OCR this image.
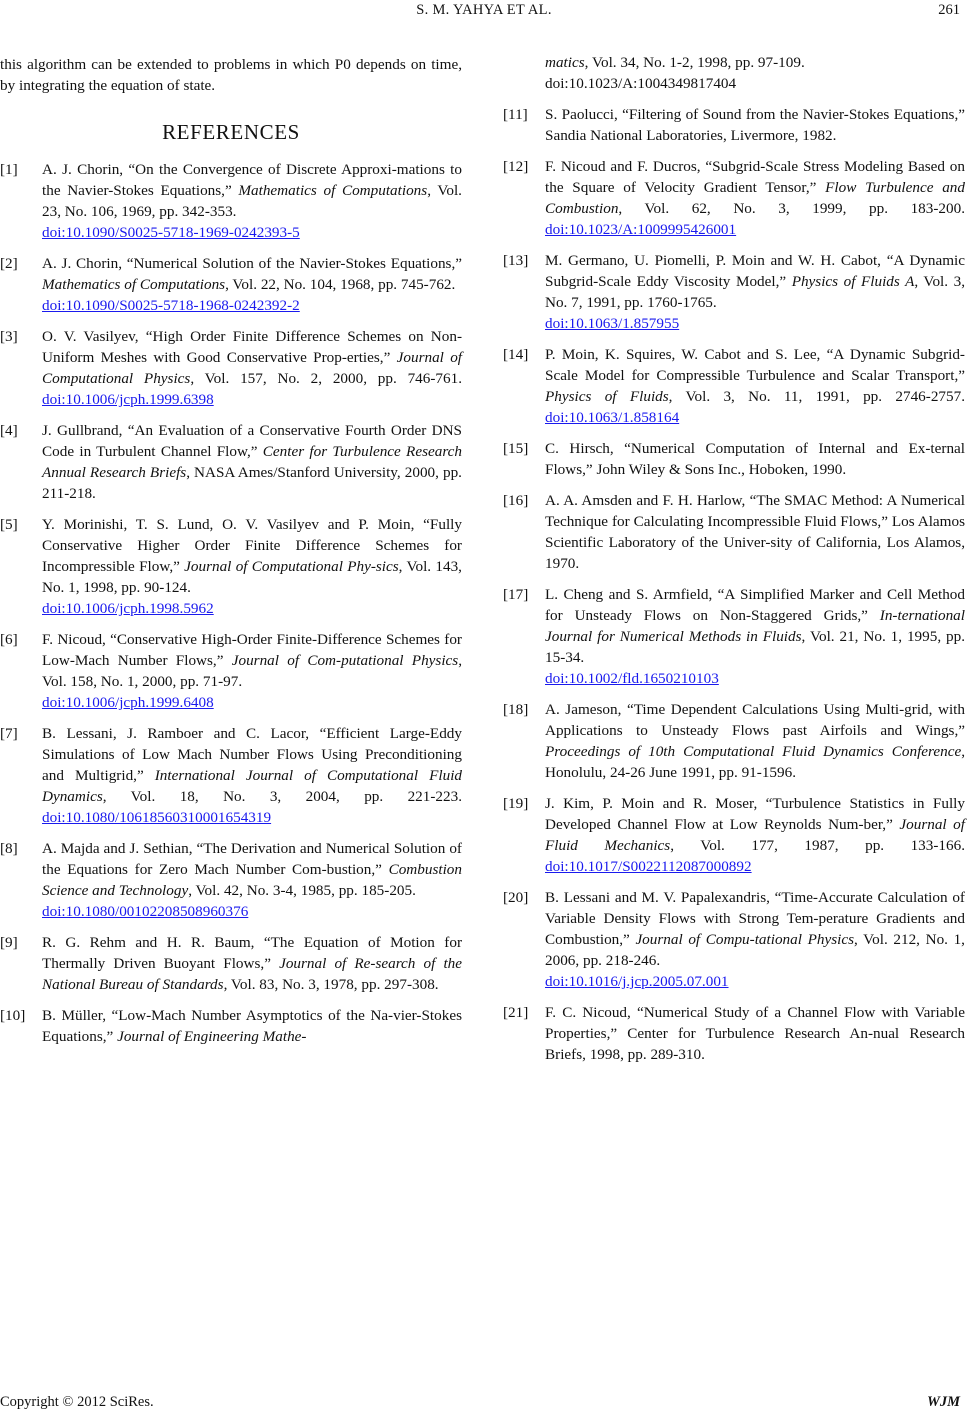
S. M. YAHYA ET AL.	261

this algorithm can be extended to problems in which P0 depends on time, by integrating the equation of state.

REFERENCES
[1]	A. J. Chorin, “On the Convergence of Discrete Approxi-mations to the Navier-Stokes Equations,” Mathematics of Computations, Vol. 23, No. 106, 1969, pp. 342-353.
doi:10.1090/S0025-5718-1969-0242393-5
[2]	A. J. Chorin, “Numerical Solution of the Navier-Stokes Equations,” Mathematics of Computations, Vol. 22, No. 104, 1968, pp. 745-762.
doi:10.1090/S0025-5718-1968-0242392-2
[3]	O. V. Vasilyev, “High Order Finite Difference Schemes on Non-Uniform Meshes with Good Conservative Prop-erties,” Journal of Computational Physics, Vol. 157, No. 2, 2000, pp. 746-761. doi:10.1006/jcph.1999.6398
[4]	J. Gullbrand, “An Evaluation of a Conservative Fourth Order DNS Code in Turbulent Channel Flow,” Center for Turbulence Research Annual Research Briefs, NASA Ames/Stanford University, 2000, pp. 211-218.
[5]	Y. Morinishi, T. S. Lund, O. V. Vasilyev and P. Moin, “Fully Conservative Higher Order Finite Difference Schemes for Incompressible Flow,” Journal of Computational Phy-sics, Vol. 143, No. 1, 1998, pp. 90-124.
doi:10.1006/jcph.1998.5962
[6]	F. Nicoud, “Conservative High-Order Finite-Difference Schemes for Low-Mach Number Flows,” Journal of Com-putational Physics, Vol. 158, No. 1, 2000, pp. 71-97.
doi:10.1006/jcph.1999.6408
[7]	B. Lessani, J. Ramboer and C. Lacor, “Efficient Large-Eddy Simulations of Low Mach Number Flows Using Preconditioning and Multigrid,” International Journal of Computational Fluid Dynamics, Vol. 18, No. 3, 2004, pp. 221-223. doi:10.1080/10618560310001654319
[8]	A. Majda and J. Sethian, “The Derivation and Numerical Solution of the Equations for Zero Mach Number Com-bustion,” Combustion Science and Technology, Vol. 42, No. 3-4, 1985, pp. 185-205.
doi:10.1080/00102208508960376
[9]	R. G. Rehm and H. R. Baum, “The Equation of Motion for Thermally Driven Buoyant Flows,” Journal of Re-search of the National Bureau of Standards, Vol. 83, No. 3, 1978, pp. 297-308.
[10]	B. Müller, “Low-Mach Number Asymptotics of the Na-vier-Stokes Equations,” Journal of Engineering Mathe-
matics, Vol. 34, No. 1-2, 1998, pp. 97-109.
doi:10.1023/A:1004349817404
[11]	S. Paolucci, “Filtering of Sound from the Navier-Stokes Equations,” Sandia National Laboratories, Livermore, 1982.
[12]	F. Nicoud and F. Ducros, “Subgrid-Scale Stress Modeling Based on the Square of Velocity Gradient Tensor,” Flow Turbulence and Combustion, Vol. 62, No. 3, 1999, pp. 183-200. doi:10.1023/A:1009995426001
[13]	M. Germano, U. Piomelli, P. Moin and W. H. Cabot, “A Dynamic Subgrid-Scale Eddy Viscosity Model,” Physics of Fluids A, Vol. 3, No. 7, 1991, pp. 1760-1765.
doi:10.1063/1.857955
[14]	P. Moin, K. Squires, W. Cabot and S. Lee, “A Dynamic Subgrid-Scale Model for Compressible Turbulence and Scalar Transport,” Physics of Fluids, Vol. 3, No. 11, 1991, pp. 2746-2757. doi:10.1063/1.858164
[15]	C. Hirsch, “Numerical Computation of Internal and Ex-ternal Flows,” John Wiley & Sons Inc., Hoboken, 1990.
[16]	A. A. Amsden and F. H. Harlow, “The SMAC Method: A Numerical Technique for Calculating Incompressible Fluid Flows,” Los Alamos Scientific Laboratory of the Univer-sity of California, Los Alamos, 1970.
[17]	L. Cheng and S. Armfield, “A Simplified Marker and Cell Method for Unsteady Flows on Non-Staggered Grids,” In-ternational Journal for Numerical Methods in Fluids, Vol. 21, No. 1, 1995, pp. 15-34.
doi:10.1002/fld.1650210103
[18]	A. Jameson, “Time Dependent Calculations Using Multi-grid, with Applications to Unsteady Flows past Airfoils and Wings,” Proceedings of 10th Computational Fluid Dynamics Conference, Honolulu, 24-26 June 1991, pp. 91-1596.
[19]	J. Kim, P. Moin and R. Moser, “Turbulence Statistics in Fully Developed Channel Flow at Low Reynolds Num-ber,” Journal of Fluid Mechanics, Vol. 177, 1987, pp. 133-166. doi:10.1017/S0022112087000892
[20]	B. Lessani and M. V. Papalexandris, “Time-Accurate Calculation of Variable Density Flows with Strong Tem-perature Gradients and Combustion,” Journal of Compu-tational Physics, Vol. 212, No. 1, 2006, pp. 218-246.
doi:10.1016/j.jcp.2005.07.001
[21]	F. C. Nicoud, “Numerical Study of a Channel Flow with Variable Properties,” Center for Turbulence Research An-nual Research Briefs, 1998, pp. 289-310.
Copyright © 2012 SciRes.	WJM
